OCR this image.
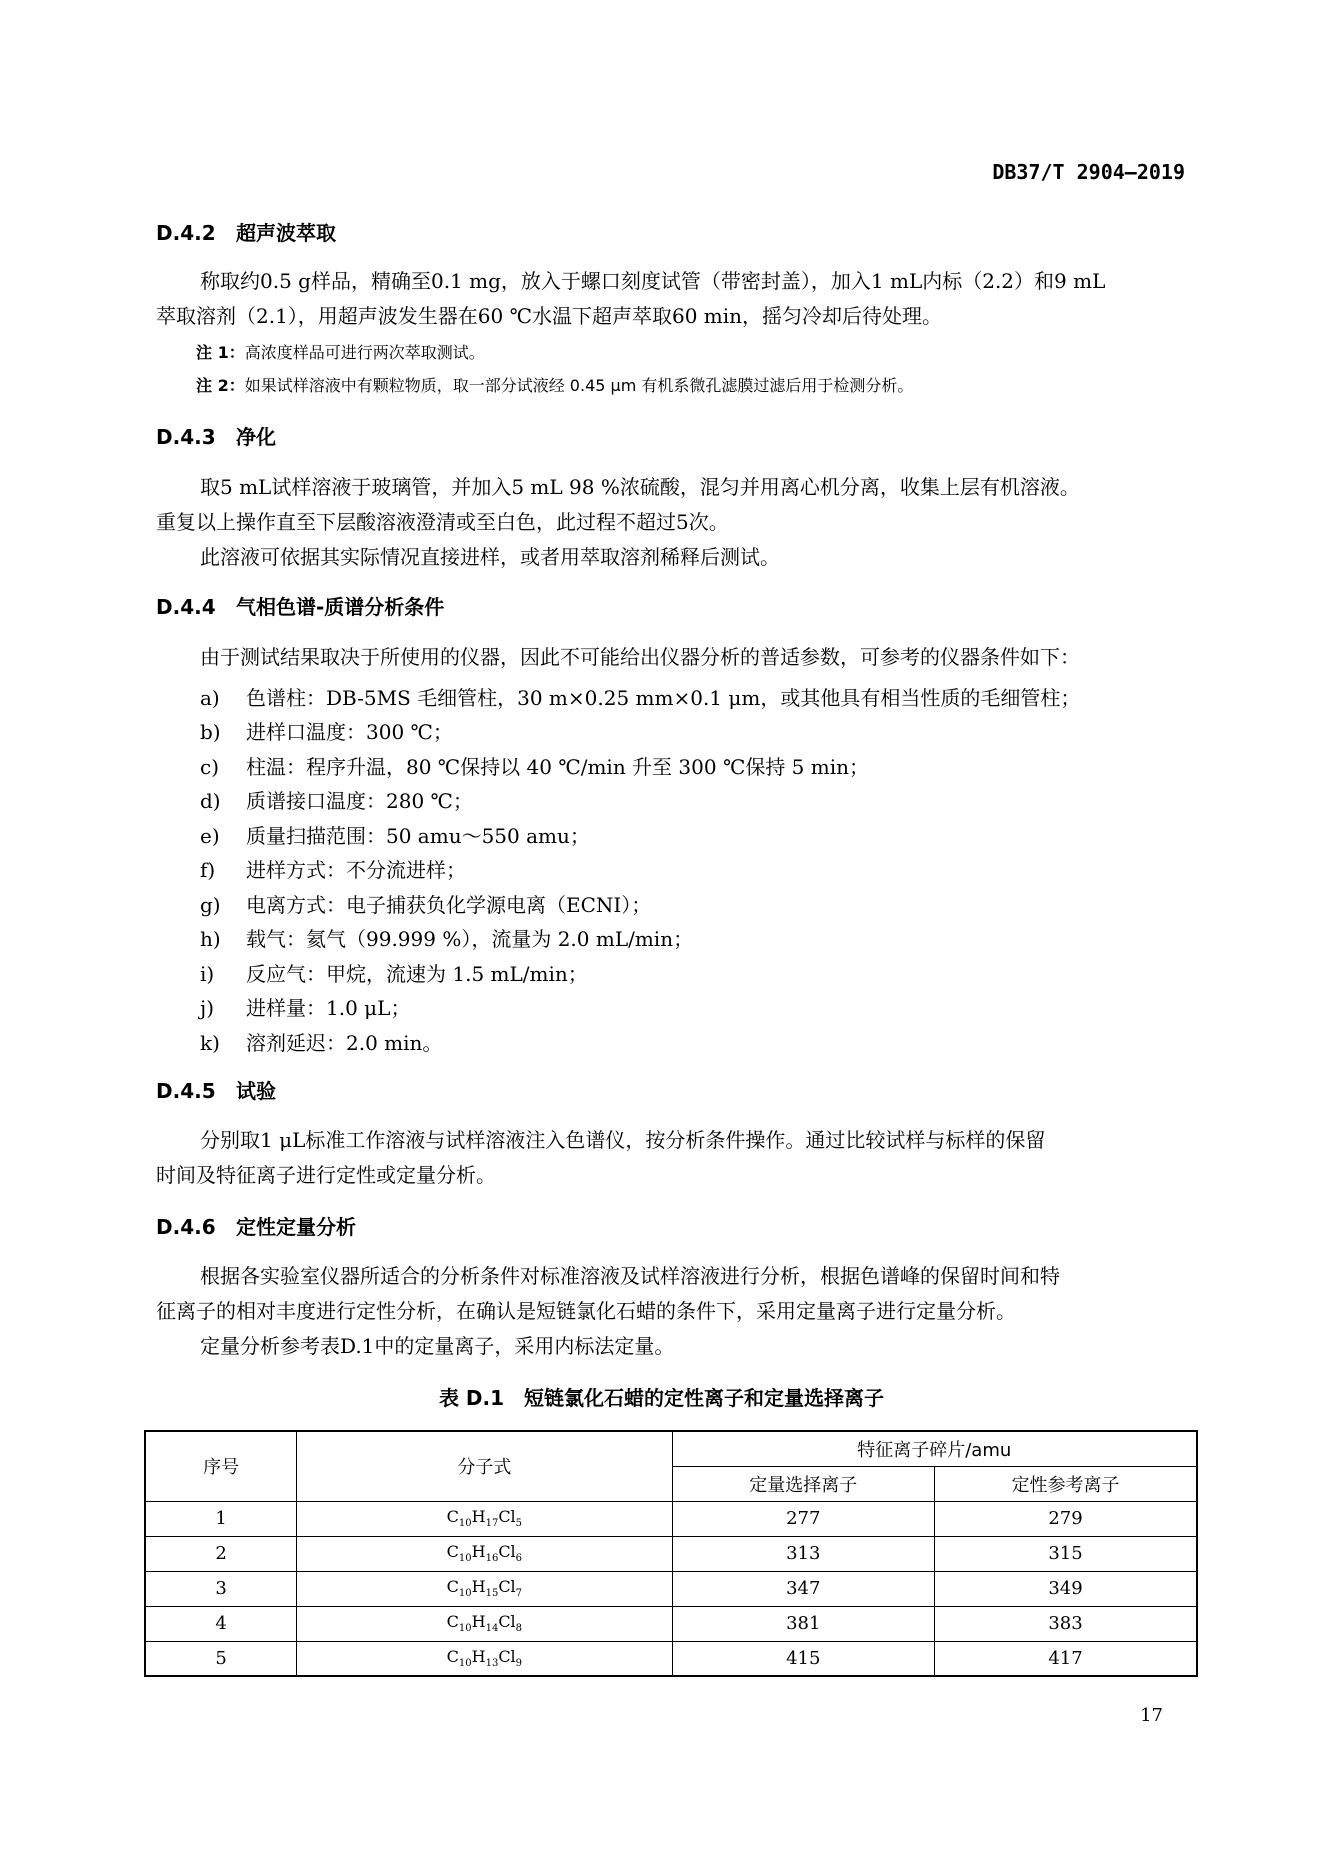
DB37/T 2904—2019
D.4.2 超声波萃取
称取约0.5 g样品，精确至0.1 mg，放入于螺口刻度试管（带密封盖），加入1 mL内标（2.2）和9 mL
萃取溶剂（2.1），用超声波发生器在60 ℃水温下超声萃取60 min，摇匀冷却后待处理。
注 1：高浓度样品可进行两次萃取测试。
注 2：如果试样溶液中有颗粒物质，取一部分试液经 0.45 μm 有机系微孔滤膜过滤后用于检测分析。
D.4.3 净化
取5 mL试样溶液于玻璃管，并加入5 mL 98 %浓硫酸，混匀并用离心机分离，收集上层有机溶液。
重复以上操作直至下层酸溶液澄清或至白色，此过程不超过5次。
此溶液可依据其实际情况直接进样，或者用萃取溶剂稀释后测试。
D.4.4 气相色谱-质谱分析条件
由于测试结果取决于所使用的仪器，因此不可能给出仪器分析的普适参数，可参考的仪器条件如下：
a) 色谱柱：DB-5MS 毛细管柱，30 m×0.25 mm×0.1 μm，或其他具有相当性质的毛细管柱；
b) 进样口温度：300 ℃；
c) 柱温：程序升温，80 ℃保持以 40 ℃/min 升至 300 ℃保持 5 min；
d) 质谱接口温度：280 ℃；
e) 质量扫描范围：50 amu～550 amu；
f) 进样方式：不分流进样；
g) 电离方式：电子捕获负化学源电离（ECNI）；
h) 载气：氦气（99.999 %），流量为 2.0 mL/min；
i) 反应气：甲烷，流速为 1.5 mL/min；
j) 进样量：1.0 μL；
k) 溶剂延迟：2.0 min。
D.4.5 试验
分别取1 μL标准工作溶液与试样溶液注入色谱仪，按分析条件操作。通过比较试样与标样的保留
时间及特征离子进行定性或定量分析。
D.4.6 定性定量分析
根据各实验室仪器所适合的分析条件对标准溶液及试样溶液进行分析，根据色谱峰的保留时间和特
征离子的相对丰度进行定性分析，在确认是短链氯化石蜡的条件下，采用定量离子进行定量分析。
定量分析参考表D.1中的定量离子，采用内标法定量。
表 D.1　短链氯化石蜡的定性离子和定量选择离子
序号	分子式	特征离子碎片/amu	
		定量选择离子	定性参考离子
1	$C_{10}H_{17}Cl_5$	277	279
2	$C_{10}H_{16}Cl_6$	313	315
3	$C_{10}H_{15}Cl_7$	347	349
4	$C_{10}H_{14}Cl_8$	381	383
5	$C_{10}H_{13}Cl_9$	415	417
17
